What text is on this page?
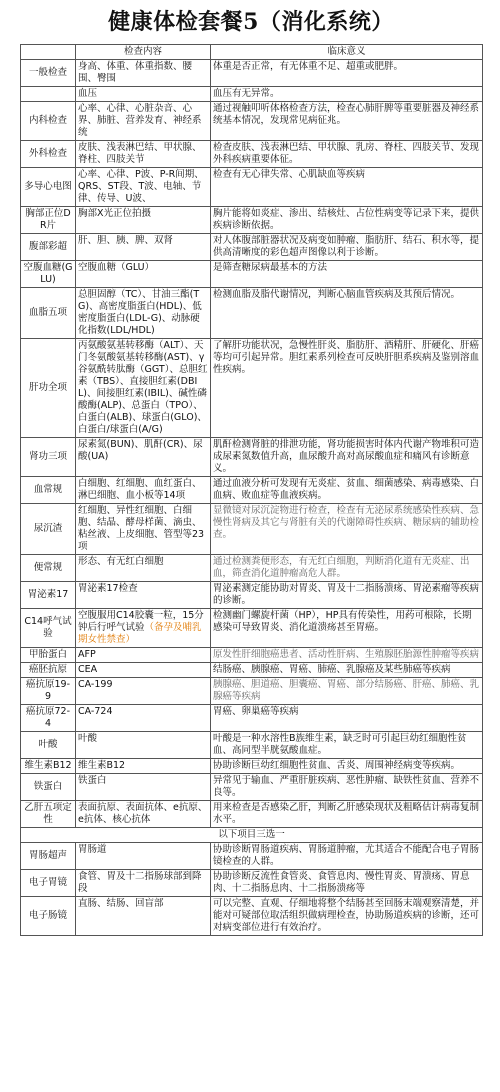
健康体检套餐5（消化系统）
	检查内容	临床意义
一般检查	身高、体重、体重指数、腰围、臀围	体重是否正常，有无体重不足、超重或肥胖。
	血压	血压有无异常。
内科检查	心率、心律、心脏杂音、心界、肺脏、营养发育、神经系统	通过视触叩听体格检查方法，检查心肺肝脾等重要脏器及神经系统基本情况，发现常见病征兆。
外科检查	皮肤、浅表淋巴结、甲状腺、脊柱、四肢关节	检查皮肤、浅表淋巴结、甲状腺、乳房、脊柱、四肢关节、发现外科疾病重要体征。
多导心电图	心率、心律、P波、P-R间期、QRS、ST段、T波、电轴、节律、传导、U波、	检查有无心律失常、心肌缺血等疾病
胸部正位DR片	胸部X光正位拍摄	胸片能将如炎症、渗出、结核灶、占位性病变等记录下来，提供疾病诊断依据。
腹部彩超	肝、胆、胰、脾、双肾	对人体腹部脏器状况及病变如肿瘤、脂肪肝、结石、积水等，提供高清晰度的彩色超声图像以利于诊断。
空腹血糖(GLU)	空腹血糖（GLU）	是筛查糖尿病最基本的方法
血脂五项	总胆固醇（TC）、甘油三酯(TG)、高密度脂蛋白(HDL)、低密度脂蛋白(LDL-G)、动脉硬化指数(LDL/HDL)	检测血脂及脂代谢情况，判断心脑血管疾病及其预后情况。
肝功全项	丙氨酸氨基转移酶（ALT）、天门冬氨酸氨基转移酶(AST)、γ谷氨酰转肽酶（GGT）、总胆红素（TBS）、直接胆红素(DBIL)、间接胆红素(IBIL)、碱性磷酸酶(ALP)、总蛋白（TPO）、白蛋白(ALB)、球蛋白(GLO)、白蛋白/球蛋白(A/G)	了解肝功能状况，急慢性肝炎、脂肪肝、酒精肝、肝硬化、肝癌等均可引起异常。胆红素系列检查可反映肝胆系疾病及鉴别溶血性疾病。
肾功三项	尿素氮(BUN)、肌酐(CR)、尿酸(UA)	肌酐检测肾脏的排泄功能，肾功能损害时体内代谢产物堆积可造成尿素氮数值升高，血尿酸升高对高尿酸血症和痛风有诊断意义。
血常规	白细胞、红细胞、血红蛋白、淋巴细胞、血小板等14项	通过血液分析可发现有无炎症、贫血、细菌感染、病毒感染、白血病、败血症等血液疾病。
尿沉渣	红细胞、异性红细胞、白细胞、结晶、酵母样菌、滴虫、粘丝液、上皮细胞、管型等23项	显微镜对尿沉淀物进行检查，检查有无泌尿系统感染性疾病、急慢性肾病及其它与肾脏有关的代谢障碍性疾病、糖尿病的辅助检查。
便常规	形态、有无红白细胞	通过检测粪便形态，有无红白细胞，判断消化道有无炎症、出血，筛查消化道肿瘤高危人群。
胃泌素17	胃泌素17检查	胃泌素测定能协助对胃炎、胃及十二指肠溃疡、胃泌素瘤等疾病的诊断。
C14呼气试验	空腹服用C14胶囊一粒，15分钟后行呼气试验（备孕及哺乳期女性禁查）	检测幽门螺旋杆菌（HP），HP具有传染性，用药可根除，长期感染可导致胃炎、消化道溃疡甚至胃癌。
甲胎蛋白	AFP	原发性肝细胞癌患者、活动性肝病、生殖腺胚胎源性肿瘤等疾病
癌胚抗原	CEA	结肠癌、胰腺癌、胃癌、肺癌、乳腺癌及某些肺癌等疾病
癌抗原19-9	CA-199	胰腺癌、胆道癌、胆囊癌、胃癌、部分结肠癌、肝癌、肺癌、乳腺癌等疾病
癌抗原72-4	CA-724	胃癌、卵巢癌等疾病
叶酸	叶酸	叶酸是一种水溶性B族维生素，缺乏时可引起巨幼红细胞性贫血、高同型半胱氨酸血症。
维生素B12	维生素B12	协助诊断巨幼红细胞性贫血、舌炎、周围神经病变等疾病。
铁蛋白	铁蛋白	异常见于输血、严重肝脏疾病、恶性肿瘤、缺铁性贫血、营养不良等。
乙肝五项定性	表面抗原、表面抗体、e抗原、e抗体、核心抗体	用来检查是否感染乙肝，判断乙肝感染现状及粗略估计病毒复制水平。
以下项目三选一		
胃肠超声	胃肠道	协助诊断胃肠道疾病、胃肠道肿瘤，尤其适合不能配合电子胃肠镜检查的人群。
电子胃镜	食管、胃及十二指肠球部到降段	协助诊断反流性食管炎、食管息肉、慢性胃炎、胃溃疡、胃息肉、十二指肠息肉、十二指肠溃疡等
电子肠镜	直肠、结肠、回盲部	可以完整、直观、仔细地将整个结肠甚至回肠末端观察清楚，并能对可疑部位取活组织做病理检查，协助肠道疾病的诊断，还可对病变部位进行有效治疗。
